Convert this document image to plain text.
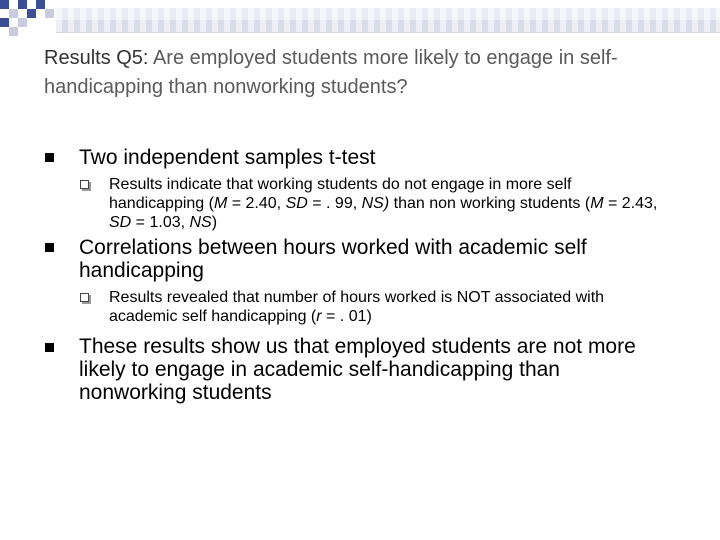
Results Q5: Are employed students more likely to engage in self-handicapping than nonworking students?
Two independent samples t-test
Results indicate that working students do not engage in more self handicapping (M = 2.40, SD = . 99, NS) than non working students (M = 2.43, SD = 1.03, NS)
Correlations between hours worked with academic self handicapping
Results revealed that number of hours worked is NOT associated with academic self handicapping (r = . 01)
These results show us that employed students are not more likely to engage in academic self-handicapping than nonworking students
